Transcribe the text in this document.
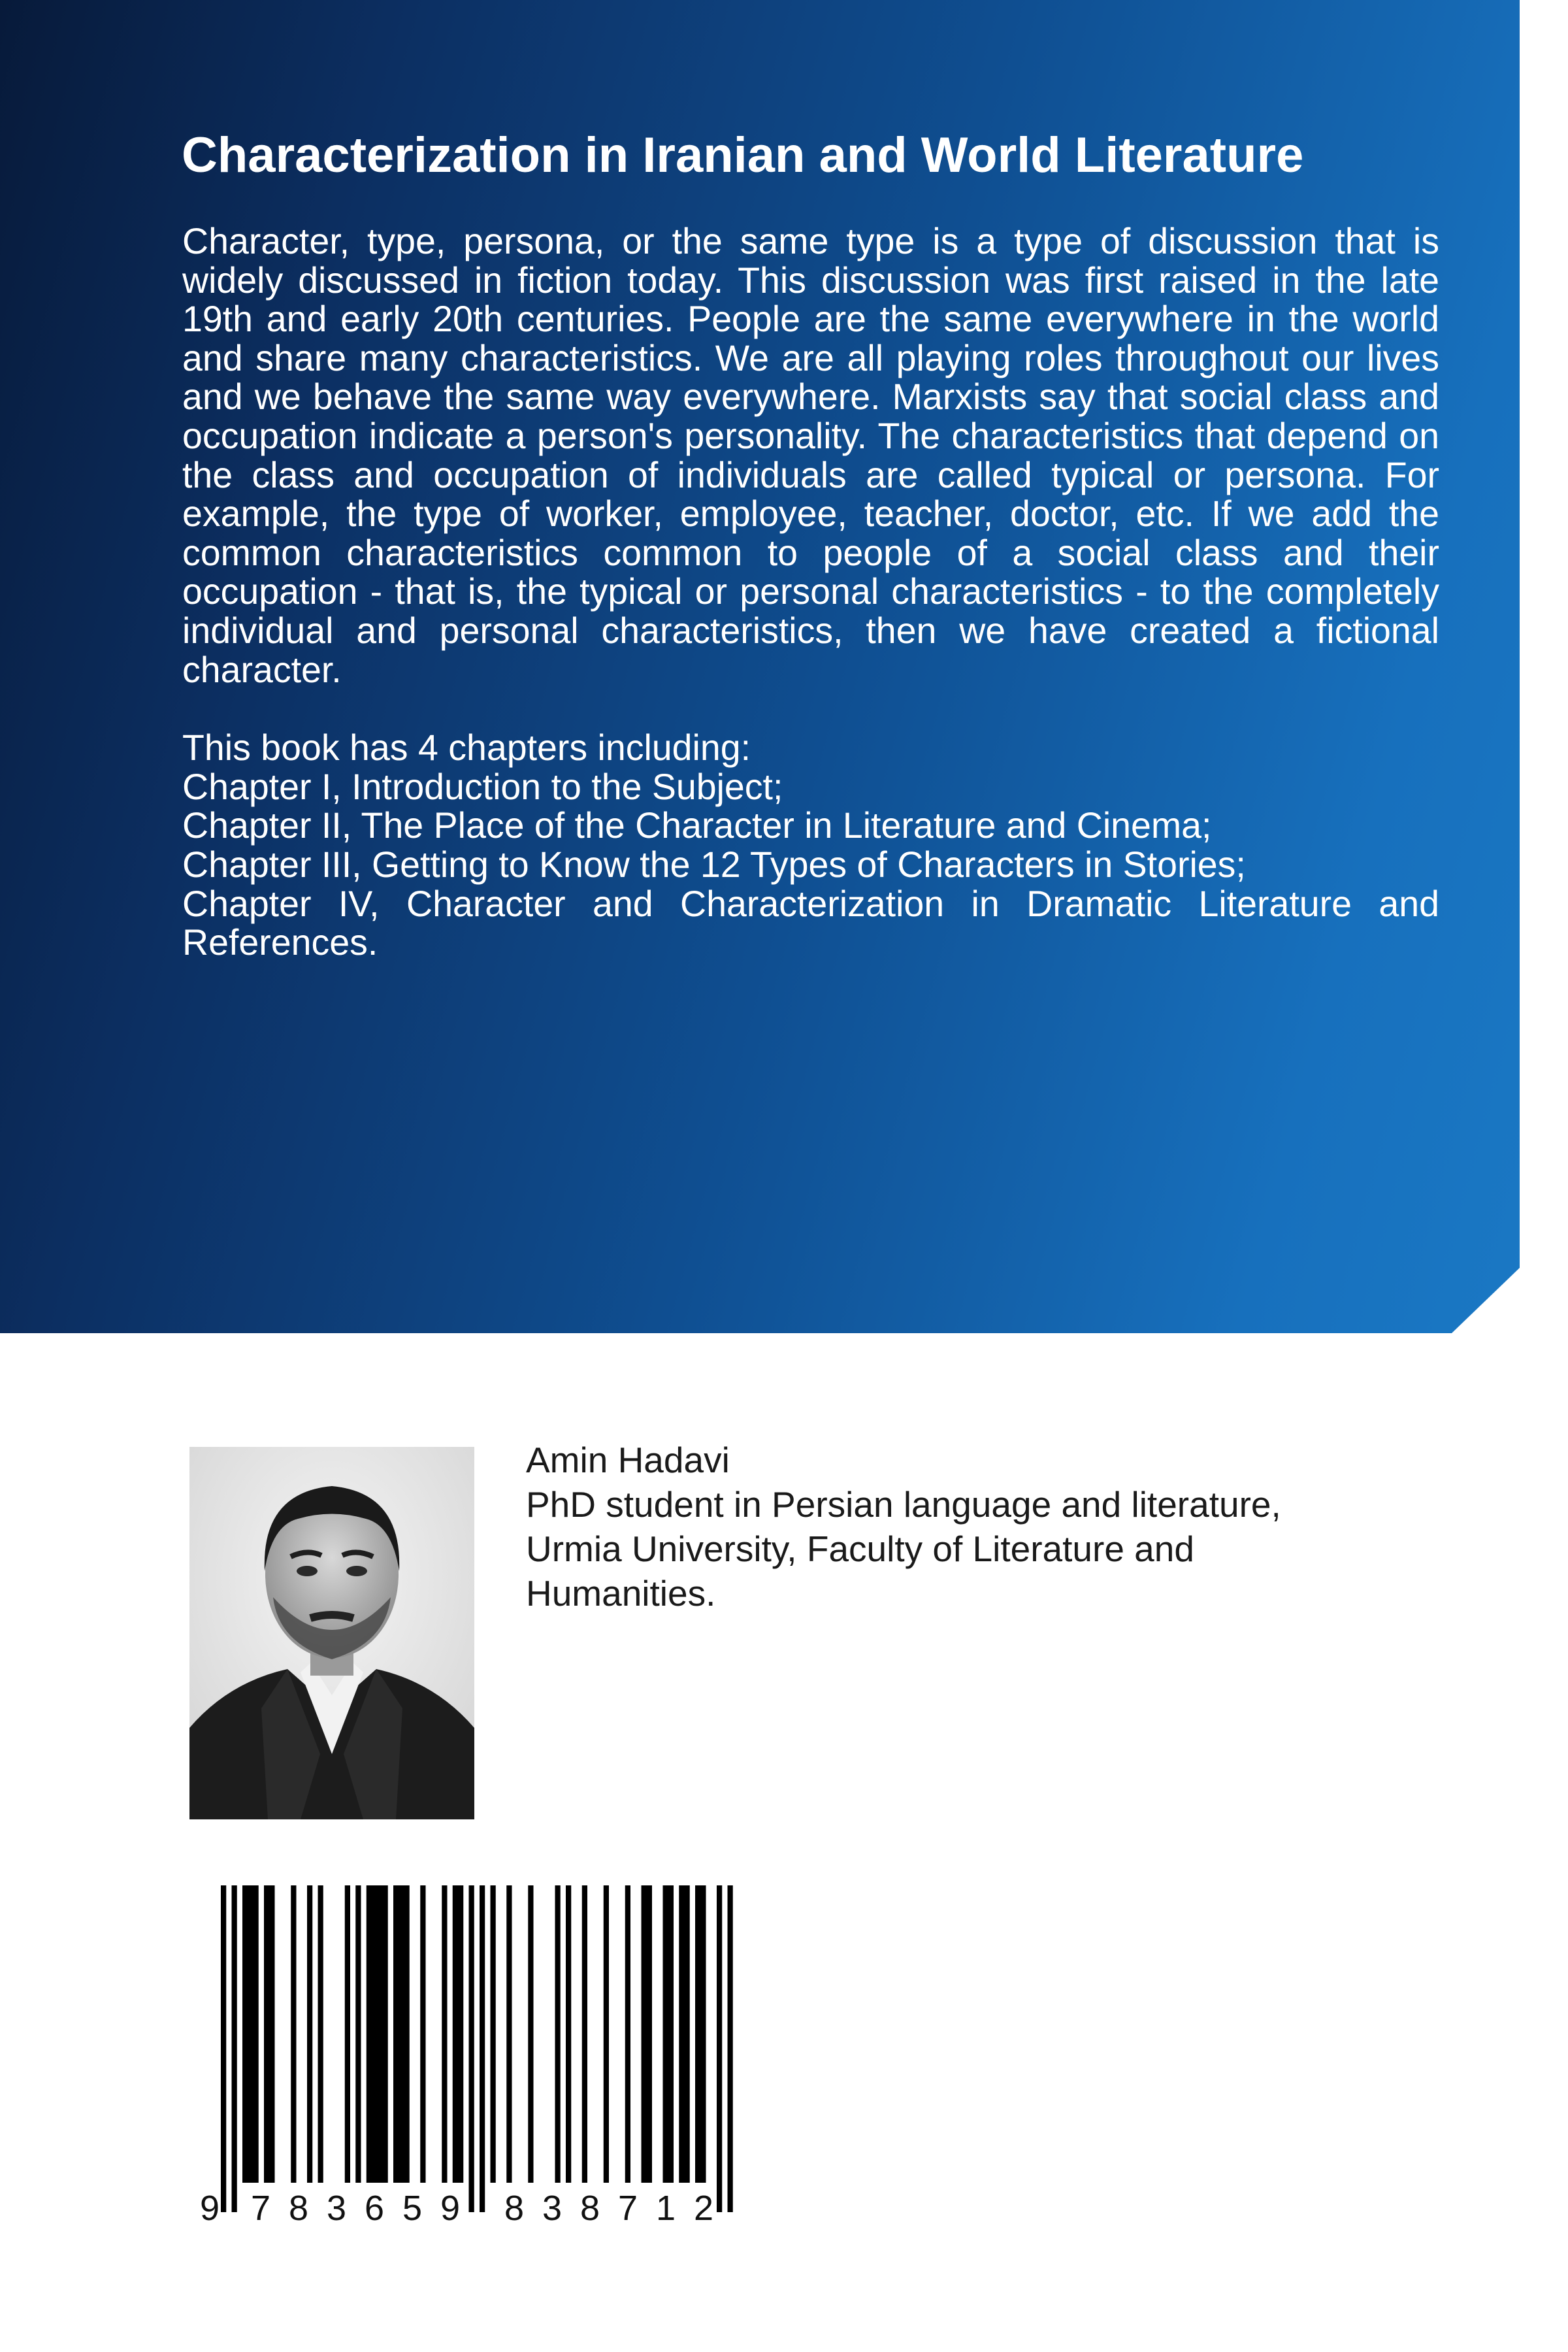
Characterization in Iranian and World Literature

Character, type, persona, or the same type is a type of discussion that is widely discussed in fiction today. This discussion was first raised in the late 19th and early 20th centuries. People are the same everywhere in the world and share many characteristics. We are all playing roles throughout our lives and we behave the same way everywhere. Marxists say that social class and occupation indicate a person's personality. The characteristics that depend on the class and occupation of individuals are called typical or persona. For example, the type of worker, employee, teacher, doctor, etc. If we add the common characteristics common to people of a social class and their occupation - that is, the typical or personal characteristics - to the completely individual and personal characteristics, then we have created a fictional character.

This book has 4 chapters including:
Chapter I, Introduction to the Subject;
Chapter II, The Place of the Character in Literature and Cinema;
Chapter III, Getting to Know the 12 Types of Characters in Stories;
Chapter IV, Character and Characterization in Dramatic Literature and References.
Amin Hadavi
PhD student in Persian language and literature,
Urmia University, Faculty of Literature and
Humanities.
9 7 8 3 6 5 9 8 3 8 7 1 2
